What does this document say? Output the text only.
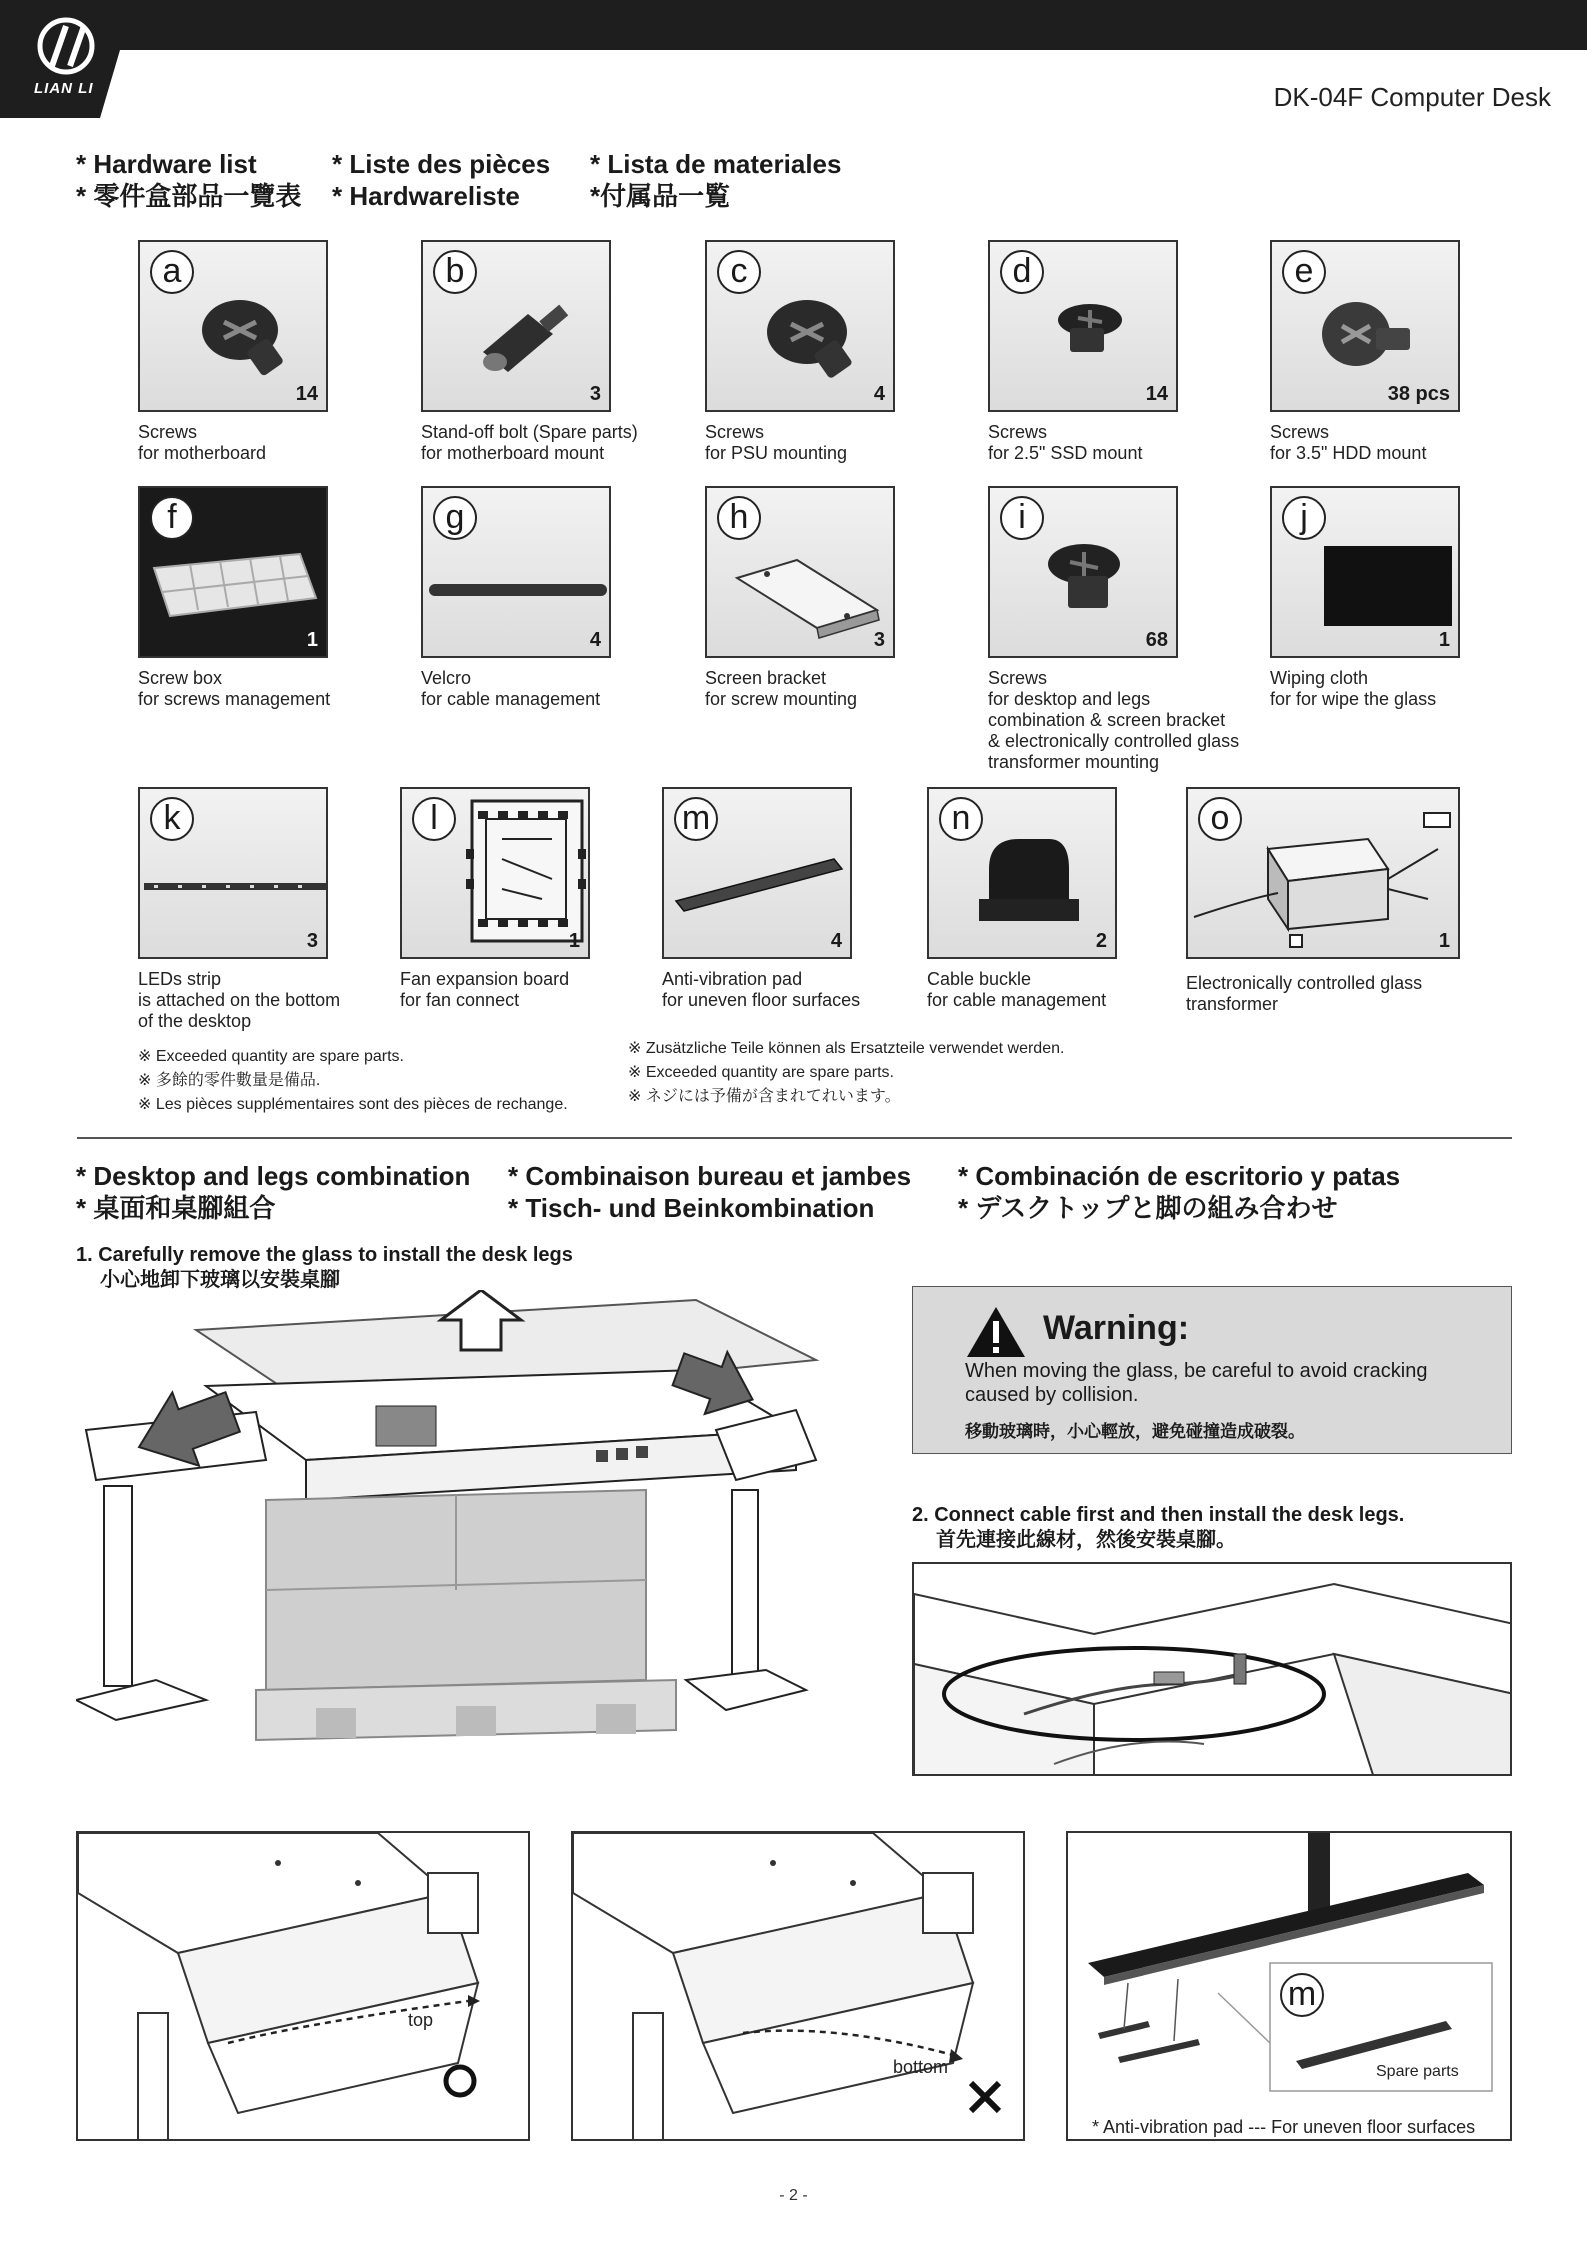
LIAN LI	DK-04F Computer Desk
* Hardware list
* 零件盒部品一覽表
* Liste des pièces
* Hardwareliste
* Lista de materiales
*付属品一覧
a
14
Screws
for motherboard
b
3
Stand-off bolt (Spare parts)
for motherboard mount
c
4
Screws
for PSU mounting
d
14
Screws
for 2.5" SSD mount
e
38 pcs
Screws
for 3.5" HDD mount
f
1
Screw box
for screws management
g
4
Velcro
for cable management
h
3
Screen bracket
for screw mounting
i
68
Screws
for desktop and legs
combination & screen bracket
& electronically controlled glass
transformer mounting
j
1
Wiping cloth
for for wipe the glass
k
3
LEDs strip
is attached on the bottom
of the desktop
l
1
Fan expansion board
for fan connect
m
4
Anti-vibration pad
for uneven floor surfaces
n
2
Cable buckle
for cable management
o
1
Electronically controlled glass
transformer
※ Exceeded quantity are spare parts.
※ 多餘的零件數量是備品.
※ Les pièces supplémentaires sont des pièces de rechange.
※ Zusätzliche Teile können als Ersatzteile verwendet werden.
※ Exceeded quantity are spare parts.
※ ネジには予備が含まれてれいます。
* Desktop and legs combination
* 桌面和桌腳組合
* Combinaison bureau et jambes
* Tisch- und Beinkombination
* Combinación de escritorio y patas
* デスクトップと脚の組み合わせ
1. Carefully remove the glass to install the desk legs
小心地卸下玻璃以安裝桌腳
Warning:
When moving the glass, be careful to avoid cracking caused by collision.
移動玻璃時，小心輕放，避免碰撞造成破裂。
2. Connect cable first and then install the desk legs.
首先連接此線材，然後安裝桌腳。
top
bottom
m
Spare parts
* Anti-vibration pad --- For uneven floor surfaces
- 2 -
